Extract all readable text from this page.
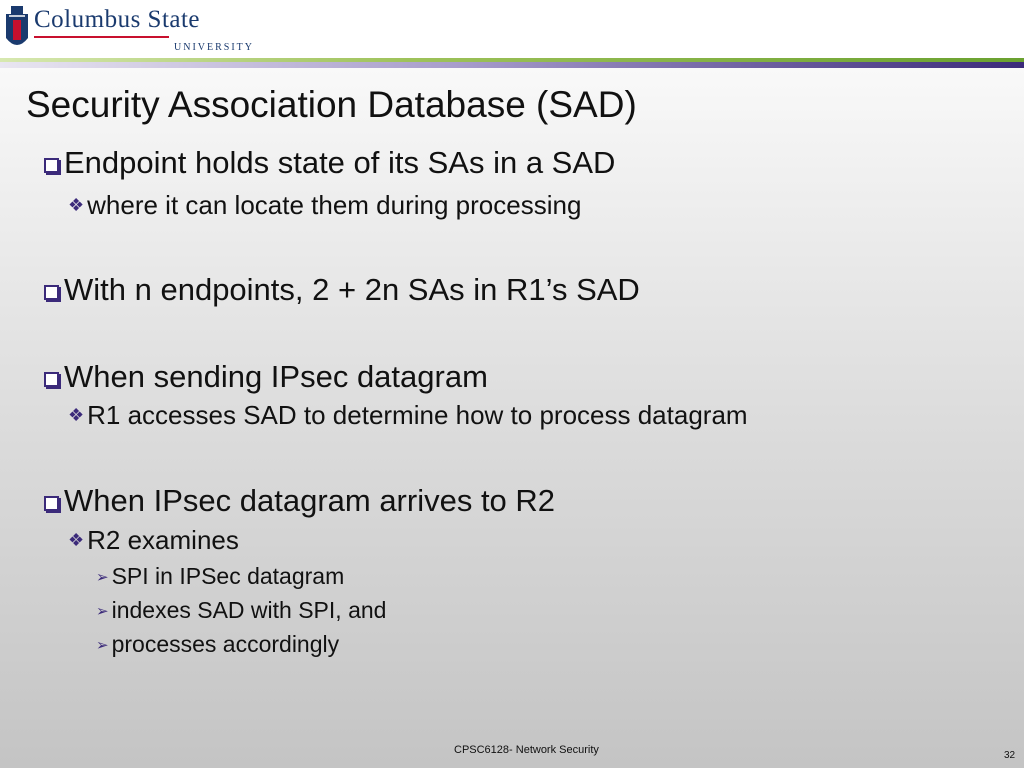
Columbus State
UNIVERSITY
Security Association Database (SAD)
Endpoint holds state of its SAs in a SAD
❖ where it can locate them during processing
With n endpoints, 2 + 2n SAs in R1’s SAD
When sending IPsec datagram
❖ R1 accesses SAD to determine how to process datagram
When IPsec datagram arrives to R2
❖ R2 examines
➢ SPI in IPSec datagram
➢ indexes SAD with SPI, and
➢ processes accordingly
CPSC6128- Network Security	32
